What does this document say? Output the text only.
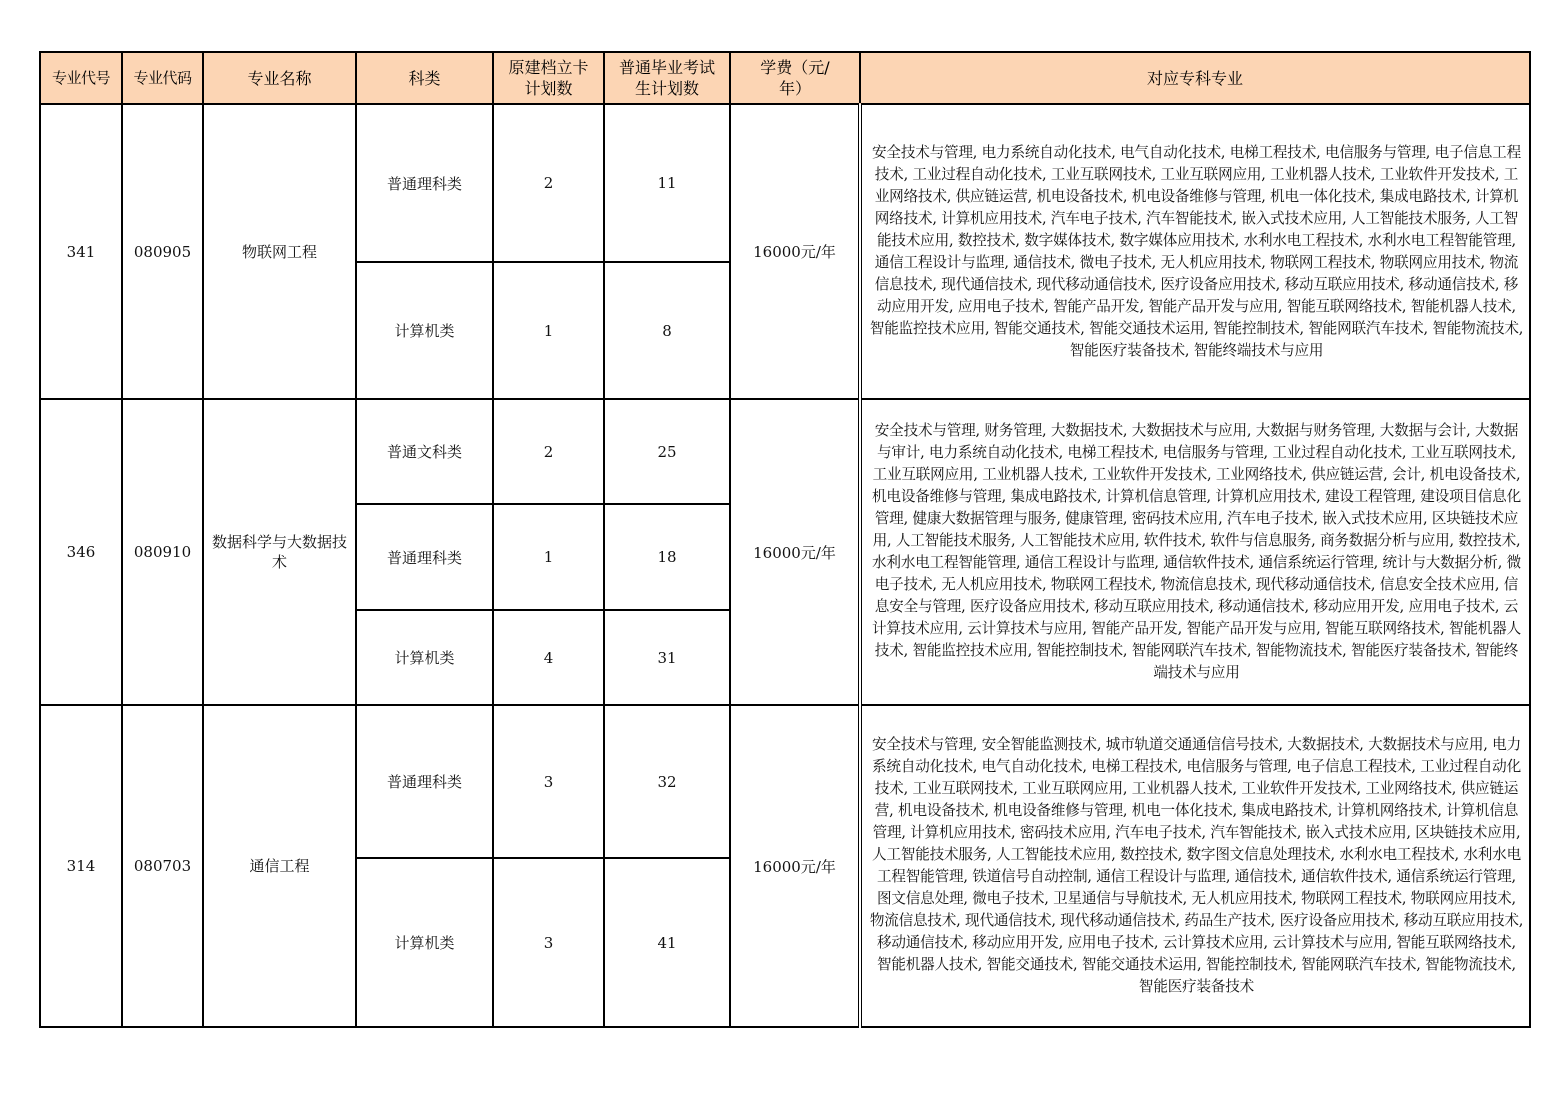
专业代号	专业代码	专业名称	科类	原建档立卡计划数	普通毕业考试生计划数	学费（元/年）	对应专科专业
341	080905	物联网工程	普通理科类	2	11	16000元/年	安全技术与管理, 电力系统自动化技术, 电气自动化技术, 电梯工程技术, 电信服务与管理, 电子信息工程技术, 工业过程自动化技术, 工业互联网技术, 工业互联网应用, 工业机器人技术, 工业软件开发技术, 工业网络技术, 供应链运营, 机电设备技术, 机电设备维修与管理, 机电一体化技术, 集成电路技术, 计算机网络技术, 计算机应用技术, 汽车电子技术, 汽车智能技术, 嵌入式技术应用, 人工智能技术服务, 人工智能技术应用, 数控技术, 数字媒体技术, 数字媒体应用技术, 水利水电工程技术, 水利水电工程智能管理, 通信工程设计与监理, 通信技术, 微电子技术, 无人机应用技术, 物联网工程技术, 物联网应用技术, 物流信息技术, 现代通信技术, 现代移动通信技术, 医疗设备应用技术, 移动互联应用技术, 移动通信技术, 移动应用开发, 应用电子技术, 智能产品开发, 智能产品开发与应用, 智能互联网络技术, 智能机器人技术, 智能监控技术应用, 智能交通技术, 智能交通技术运用, 智能控制技术, 智能网联汽车技术, 智能物流技术, 智能医疗装备技术, 智能终端技术与应用
			计算机类	1	8		
346	080910	数据科学与大数据技术	普通文科类	2	25	16000元/年	安全技术与管理, 财务管理, 大数据技术, 大数据技术与应用, 大数据与财务管理, 大数据与会计, 大数据与审计, 电力系统自动化技术, 电梯工程技术, 电信服务与管理, 工业过程自动化技术, 工业互联网技术, 工业互联网应用, 工业机器人技术, 工业软件开发技术, 工业网络技术, 供应链运营, 会计, 机电设备技术, 机电设备维修与管理, 集成电路技术, 计算机信息管理, 计算机应用技术, 建设工程管理, 建设项目信息化管理, 健康大数据管理与服务, 健康管理, 密码技术应用, 汽车电子技术, 嵌入式技术应用, 区块链技术应用, 人工智能技术服务, 人工智能技术应用, 软件技术, 软件与信息服务, 商务数据分析与应用, 数控技术, 水利水电工程智能管理, 通信工程设计与监理, 通信软件技术, 通信系统运行管理, 统计与大数据分析, 微电子技术, 无人机应用技术, 物联网工程技术, 物流信息技术, 现代移动通信技术, 信息安全技术应用, 信息安全与管理, 医疗设备应用技术, 移动互联应用技术, 移动通信技术, 移动应用开发, 应用电子技术, 云计算技术应用, 云计算技术与应用, 智能产品开发, 智能产品开发与应用, 智能互联网络技术, 智能机器人技术, 智能监控技术应用, 智能控制技术, 智能网联汽车技术, 智能物流技术, 智能医疗装备技术, 智能终端技术与应用
			普通理科类	1	18		
			计算机类	4	31		
314	080703	通信工程	普通理科类	3	32	16000元/年	安全技术与管理, 安全智能监测技术, 城市轨道交通通信信号技术, 大数据技术, 大数据技术与应用, 电力系统自动化技术, 电气自动化技术, 电梯工程技术, 电信服务与管理, 电子信息工程技术, 工业过程自动化技术, 工业互联网技术, 工业互联网应用, 工业机器人技术, 工业软件开发技术, 工业网络技术, 供应链运营, 机电设备技术, 机电设备维修与管理, 机电一体化技术, 集成电路技术, 计算机网络技术, 计算机信息管理, 计算机应用技术, 密码技术应用, 汽车电子技术, 汽车智能技术, 嵌入式技术应用, 区块链技术应用, 人工智能技术服务, 人工智能技术应用, 数控技术, 数字图文信息处理技术, 水利水电工程技术, 水利水电工程智能管理, 铁道信号自动控制, 通信工程设计与监理, 通信技术, 通信软件技术, 通信系统运行管理, 图文信息处理, 微电子技术, 卫星通信与导航技术, 无人机应用技术, 物联网工程技术, 物联网应用技术, 物流信息技术, 现代通信技术, 现代移动通信技术, 药品生产技术, 医疗设备应用技术, 移动互联应用技术, 移动通信技术, 移动应用开发, 应用电子技术, 云计算技术应用, 云计算技术与应用, 智能互联网络技术, 智能机器人技术, 智能交通技术, 智能交通技术运用, 智能控制技术, 智能网联汽车技术, 智能物流技术, 智能医疗装备技术
			计算机类	3	41		
